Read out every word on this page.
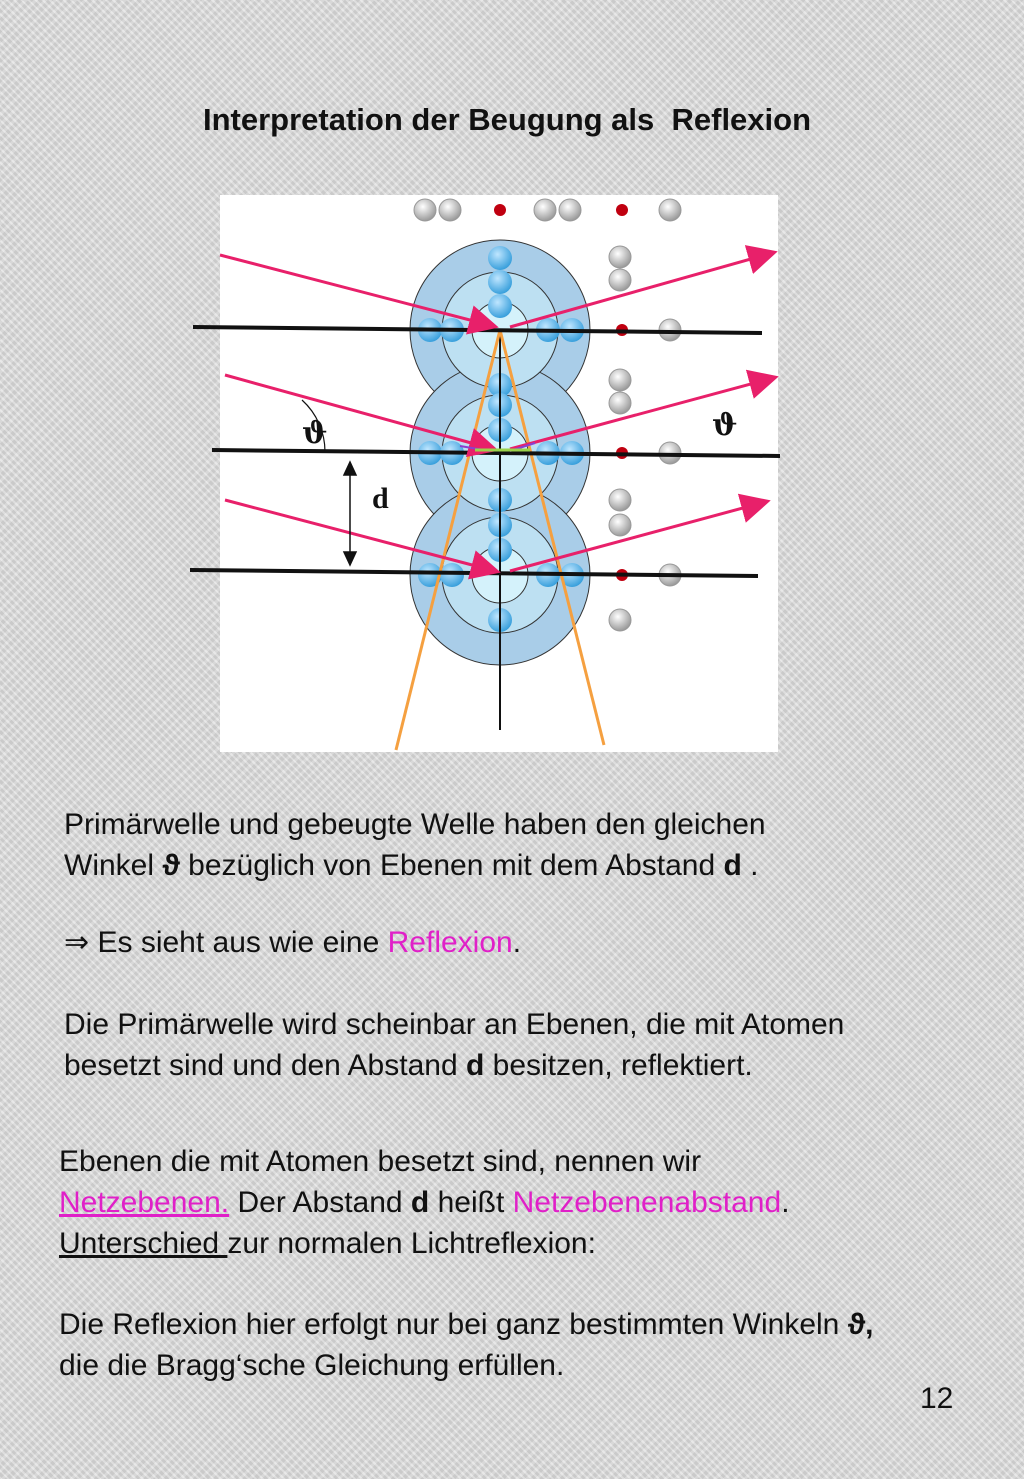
Interpretation der Beugung als  Reflexion
ϑ	ϑ
d
Primärwelle und gebeugte Welle haben den gleichen
Winkel ϑ bezüglich von Ebenen mit dem Abstand d .
⇒ Es sieht aus wie eine Reflexion.
Die Primärwelle wird scheinbar an Ebenen, die mit Atomen
besetzt sind und den Abstand d besitzen, reflektiert.
Ebenen die mit Atomen besetzt sind, nennen wir
Netzebenen. Der Abstand d heißt Netzebenenabstand.
Unterschied zur normalen Lichtreflexion:
Die Reflexion hier erfolgt nur bei ganz bestimmten Winkeln ϑ,
die die Bragg‘sche Gleichung erfüllen.
12
